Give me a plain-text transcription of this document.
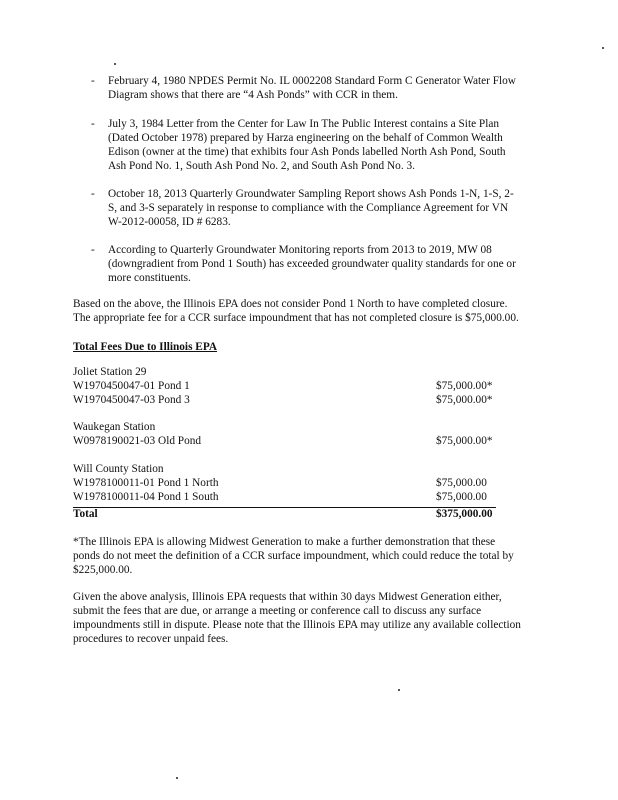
- February 4, 1980 NPDES Permit No. IL 0002208 Standard Form C Generator Water Flow
Diagram shows that there are “4 Ash Ponds” with CCR in them.
- July 3, 1984 Letter from the Center for Law In The Public Interest contains a Site Plan
(Dated October 1978) prepared by Harza engineering on the behalf of Common Wealth
Edison (owner at the time) that exhibits four Ash Ponds labelled North Ash Pond, South
Ash Pond No. 1, South Ash Pond No. 2, and South Ash Pond No. 3.
- October 18, 2013 Quarterly Groundwater Sampling Report shows Ash Ponds 1-N, 1-S, 2-
S, and 3-S separately in response to compliance with the Compliance Agreement for VN
W-2012-00058, ID # 6283.
- According to Quarterly Groundwater Monitoring reports from 2013 to 2019, MW 08
(downgradient from Pond 1 South) has exceeded groundwater quality standards for one or
more constituents.
Based on the above, the Illinois EPA does not consider Pond 1 North to have completed closure.
The appropriate fee for a CCR surface impoundment that has not completed closure is $75,000.00.
Total Fees Due to Illinois EPA
Joliet Station 29
W1970450047-01 Pond 1	$75,000.00*
W1970450047-03 Pond 3	$75,000.00*
Waukegan Station
W0978190021-03 Old Pond	$75,000.00*
Will County Station
W1978100011-01 Pond 1 North	$75,000.00
W1978100011-04 Pond 1 South	$75,000.00
Total	$375,000.00
*The Illinois EPA is allowing Midwest Generation to make a further demonstration that these
ponds do not meet the definition of a CCR surface impoundment, which could reduce the total by
$225,000.00.
Given the above analysis, Illinois EPA requests that within 30 days Midwest Generation either,
submit the fees that are due, or arrange a meeting or conference call to discuss any surface
impoundments still in dispute. Please note that the Illinois EPA may utilize any available collection
procedures to recover unpaid fees.
